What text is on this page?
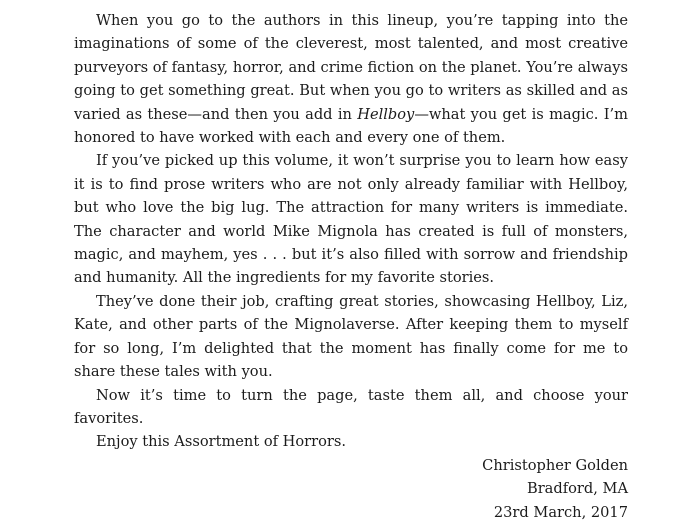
When you go to the authors in this lineup, you’re tapping into the imaginations of some of the cleverest, most talented, and most creative purveyors of fantasy, horror, and crime fiction on the planet. You’re always going to get something great. But when you go to writers as skilled and as varied as these—and then you add in Hellboy—what you get is magic. I’m honored to have worked with each and every one of them.

If you’ve picked up this volume, it won’t surprise you to learn how easy it is to find prose writers who are not only already familiar with Hellboy, but who love the big lug. The attraction for many writers is immediate. The character and world Mike Mignola has created is full of monsters, magic, and mayhem, yes . . . but it’s also filled with sorrow and friendship and humanity. All the ingredients for my favorite stories.

They’ve done their job, crafting great stories, showcasing Hellboy, Liz, Kate, and other parts of the Mignolaverse. After keeping them to myself for so long, I’m delighted that the moment has finally come for me to share these tales with you.

Now it’s time to turn the page, taste them all, and choose your favorites.

Enjoy this Assortment of Horrors.

Christopher Golden
Bradford, MA
23rd March, 2017
